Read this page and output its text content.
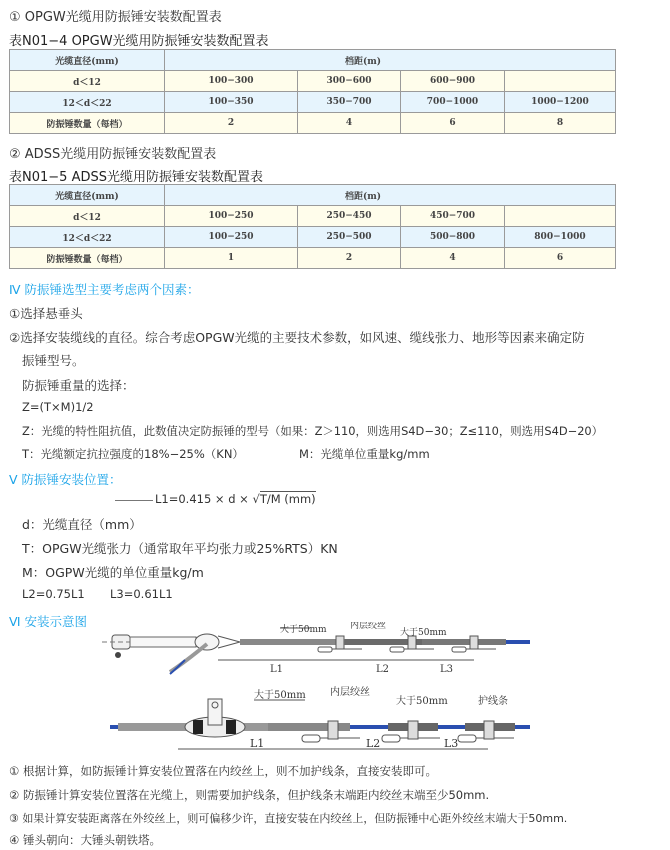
① OPGW光缆用防振锤安装数配置表
表N01−4 OPGW光缆用防振锤安装数配置表
光缆直径(mm)	档距(m)			
d＜12	100−300	300−600	600−900	
12＜d＜22	100−350	350−700	700−1000	1000−1200
防振锤数量（每档）	2	4	6	8
② ADSS光缆用防振锤安装数配置表
表N01−5 ADSS光缆用防振锤安装数配置表
光缆直径(mm)	档距(m)			
d＜12	100−250	250−450	450−700	
12＜d＜22	100−250	250−500	500−800	800−1000
防振锤数量（每档）	1	2	4	6
Ⅳ 防振锤选型主要考虑两个因素：
①选择悬垂头
②选择安装缆线的直径。综合考虑OPGW光缆的主要技术参数，如风速、缆线张力、地形等因素来确定防
振锤型号。
防振锤重量的选择：
Z=(T×M)1/2
Z：光缆的特性阻抗值，此数值决定防振锤的型号（如果：Z＞110，则选用S4D−30；Z≤110，则选用S4D−20）
T：光缆额定抗拉强度的18%−25%（KN）	M：光缆单位重量kg/mm
Ⅴ 防振锤安装位置：
L1=0.415 × d × √T/M (mm)
d：光缆直径（mm）
T：OPGW光缆张力（通常取年平均张力或25%RTS）KN
M：OGPW光缆的单位重量kg/m
L2=0.75L1 L3=0.61L1
Ⅵ 安装示意图
大于50mm	内层绞丝
大于50mm
L1	L2	L3
大于50mm 内层绞丝
大于50mm	护线条
L1	L2	L3
① 根据计算，如防振锤计算安装位置落在内绞丝上，则不加护线条，直接安装即可。
② 防振锤计算安装位置落在光缆上，则需要加护线条，但护线条末端距内绞丝末端至少50mm.
③ 如果计算安装距离落在外绞丝上，则可偏移少许，直接安装在内绞丝上，但防振锤中心距外绞丝末端大于50mm.
④ 锤头朝向：大锤头朝铁塔。
